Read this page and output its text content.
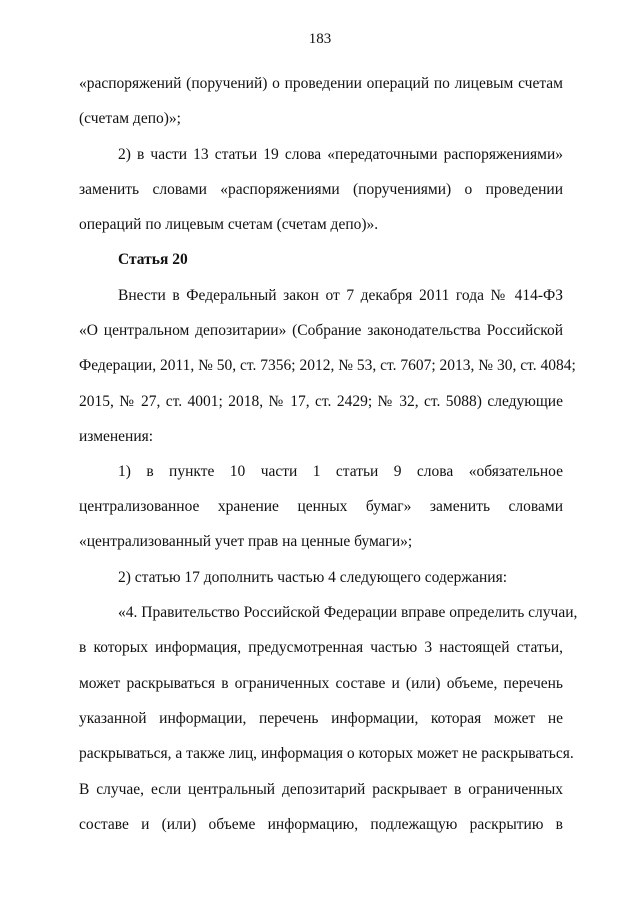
183
«распоряжений (поручений) о проведении операций по лицевым счетам
(счетам депо)»;
2) в части 13 статьи 19 слова «передаточными распоряжениями»
заменить словами «распоряжениями (поручениями) о проведении
операций по лицевым счетам (счетам депо)».
Статья 20
Внести в Федеральный закон от 7 декабря 2011 года № 414-ФЗ
«О центральном депозитарии» (Собрание законодательства Российской
Федерации, 2011, № 50, ст. 7356; 2012, № 53, ст. 7607; 2013, № 30, ст. 4084;
2015, № 27, ст. 4001; 2018, № 17, ст. 2429; № 32, ст. 5088) следующие
изменения:
1) в пункте 10 части 1 статьи 9 слова «обязательное
централизованное хранение ценных бумаг» заменить словами
«централизованный учет прав на ценные бумаги»;
2) статью 17 дополнить частью 4 следующего содержания:
«4. Правительство Российской Федерации вправе определить случаи,
в которых информация, предусмотренная частью 3 настоящей статьи,
может раскрываться в ограниченных составе и (или) объеме, перечень
указанной информации, перечень информации, которая может не
раскрываться, а также лиц, информация о которых может не раскрываться.
В случае, если центральный депозитарий раскрывает в ограниченных
составе и (или) объеме информацию, подлежащую раскрытию в
